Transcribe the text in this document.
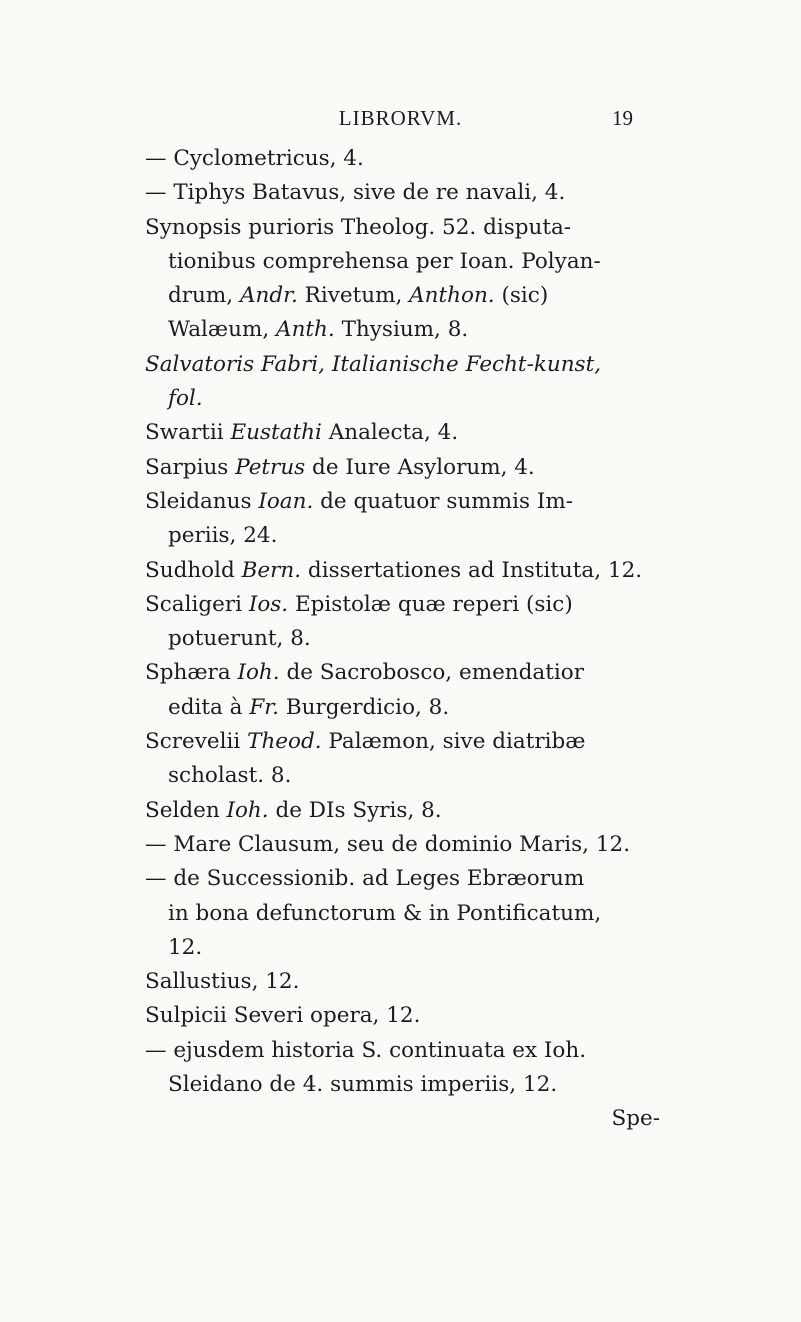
LIBRORVM.	19
— Cyclometricus, 4.
— Tiphys Batavus, sive de re navali, 4.
Synopsis purioris Theolog. 52. disputa-
tionibus comprehensa per Ioan. Polyan-
drum, Andr. Rivetum, Anthon. (sic)
Walæum, Anth. Thysium, 8.
Salvatoris Fabri, Italianische Fecht-kunst,
fol.
Swartii Eustathi Analecta, 4.
Sarpius Petrus de Iure Asylorum, 4.
Sleidanus Ioan. de quatuor summis Im-
periis, 24.
Sudhold Bern. dissertationes ad Instituta, 12.
Scaligeri Ios. Epistolæ quæ reperi (sic)
potuerunt, 8.
Sphæra Ioh. de Sacrobosco, emendatior
edita à Fr. Burgerdicio, 8.
Screvelii Theod. Palæmon, sive diatribæ
scholast. 8.
Selden Ioh. de DIs Syris, 8.
— Mare Clausum, seu de dominio Maris, 12.
— de Successionib. ad Leges Ebræorum
in bona defunctorum & in Pontificatum,
12.
Sallustius, 12.
Sulpicii Severi opera, 12.
— ejusdem historia S. continuata ex Ioh.
Sleidano de 4. summis imperiis, 12.
Spe-
